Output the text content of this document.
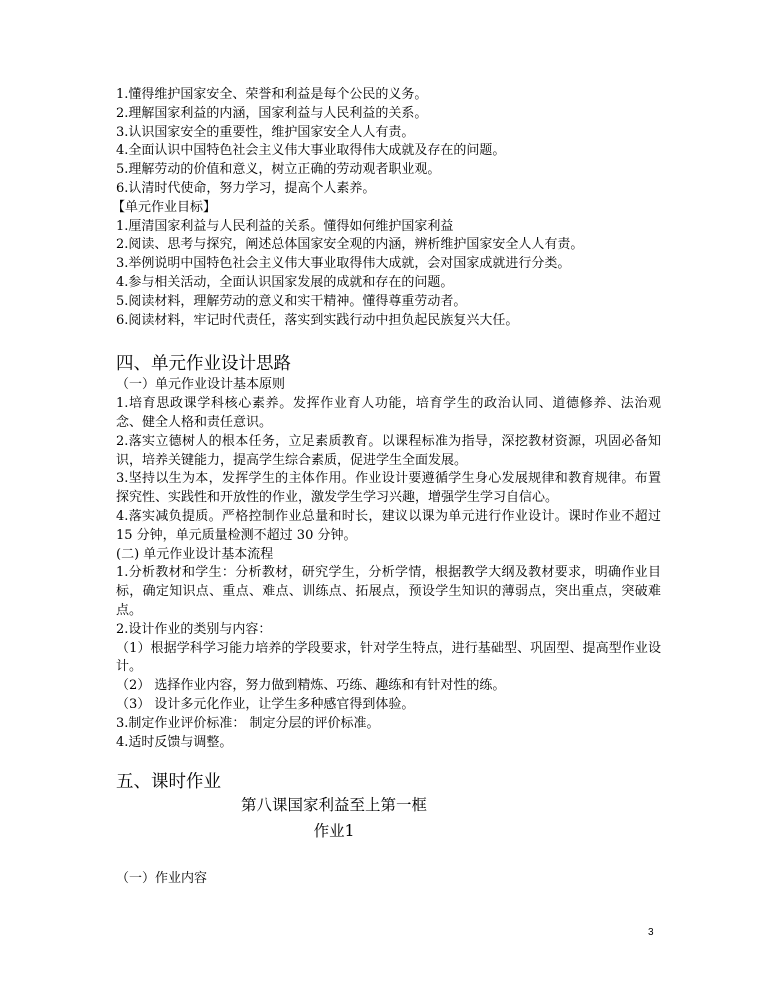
1.懂得维护国家安全、荣誉和利益是每个公民的义务。

2.理解国家利益的内涵，国家利益与人民利益的关系。

3.认识国家安全的重要性，维护国家安全人人有责。

4.全面认识中国特色社会主义伟大事业取得伟大成就及存在的问题。

5.理解劳动的价值和意义，树立正确的劳动观者职业观。

6.认清时代使命，努力学习，提高个人素养。

【单元作业目标】

1.厘清国家利益与人民利益的关系。懂得如何维护国家利益

2.阅读、思考与探究，阐述总体国家安全观的内涵，辨析维护国家安全人人有责。

3.举例说明中国特色社会主义伟大事业取得伟大成就，会对国家成就进行分类。

4.参与相关活动，全面认识国家发展的成就和存在的问题。

5.阅读材料，理解劳动的意义和实干精神。懂得尊重劳动者。

6.阅读材料，牢记时代责任，落实到实践行动中担负起民族复兴大任。

四、单元作业设计思路

（一）单元作业设计基本原则

1.培育思政课学科核心素养。发挥作业育人功能，培育学生的政治认同、道德修养、法治观念、健全人格和责任意识。

2.落实立德树人的根本任务，立足素质教育。以课程标准为指导，深挖教材资源，巩固必备知识，培养关键能力，提高学生综合素质，促进学生全面发展。

3.坚持以生为本，发挥学生的主体作用。作业设计要遵循学生身心发展规律和教育规律。布置探究性、实践性和开放性的作业，激发学生学习兴趣，增强学生学习自信心。

4.落实减负提质。严格控制作业总量和时长，建议以课为单元进行作业设计。课时作业不超过 15 分钟，单元质量检测不超过 30 分钟。

(二) 单元作业设计基本流程

1.分析教材和学生：分析教材，研究学生，分析学情，根据教学大纲及教材要求，明确作业目标，确定知识点、重点、难点、训练点、拓展点，预设学生知识的薄弱点，突出重点，突破难点。

2.设计作业的类别与内容：

（1）根据学科学习能力培养的学段要求，针对学生特点，进行基础型、巩固型、提高型作业设计。

（2） 选择作业内容，努力做到精炼、巧练、趣练和有针对性的练。

（3） 设计多元化作业，让学生多种感官得到体验。

3.制定作业评价标准： 制定分层的评价标准。

4.适时反馈与调整。

五、课时作业

第八课国家利益至上第一框

作业1

（一）作业内容

3
